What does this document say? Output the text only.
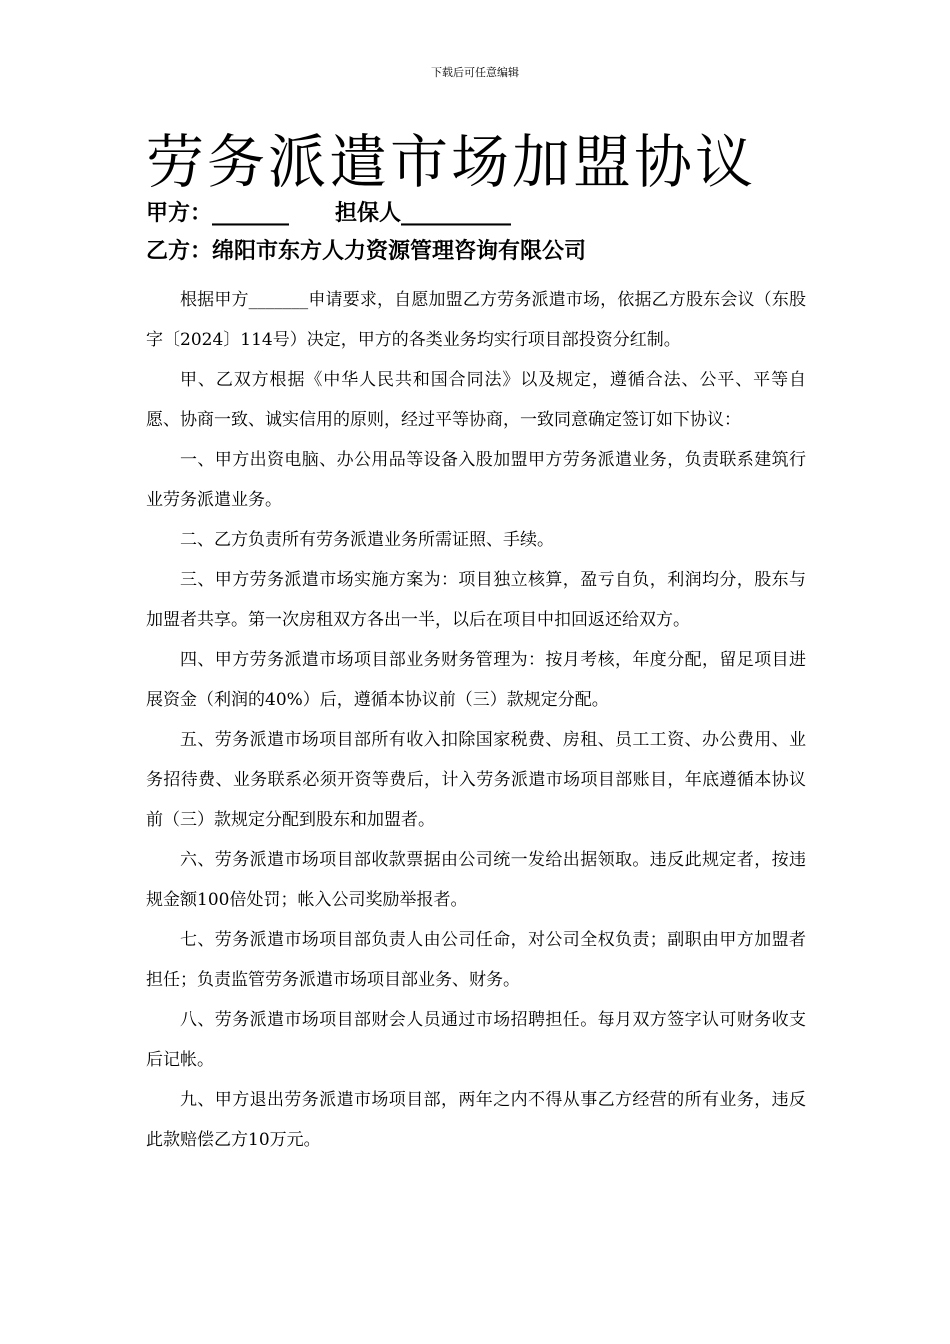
下载后可任意编辑
劳务派遣市场加盟协议
甲方：_______ 担保人__________
乙方：绵阳市东方人力资源管理咨询有限公司

根据甲方_______申请要求，自愿加盟乙方劳务派遣市场，依据乙方股东会议（东股字〔2024〕114号）决定，甲方的各类业务均实行项目部投资分红制。

甲、乙双方根据《中华人民共和国合同法》以及规定，遵循合法、公平、平等自愿、协商一致、诚实信用的原则，经过平等协商，一致同意确定签订如下协议：

一、甲方出资电脑、办公用品等设备入股加盟甲方劳务派遣业务，负责联系建筑行业劳务派遣业务。

二、乙方负责所有劳务派遣业务所需证照、手续。

三、甲方劳务派遣市场实施方案为：项目独立核算，盈亏自负，利润均分，股东与加盟者共享。第一次房租双方各出一半，以后在项目中扣回返还给双方。

四、甲方劳务派遣市场项目部业务财务管理为：按月考核，年度分配，留足项目进展资金（利润的40%）后，遵循本协议前（三）款规定分配。

五、劳务派遣市场项目部所有收入扣除国家税费、房租、员工工资、办公费用、业务招待费、业务联系必须开资等费后，计入劳务派遣市场项目部账目，年底遵循本协议前（三）款规定分配到股东和加盟者。

六、劳务派遣市场项目部收款票据由公司统一发给出据领取。违反此规定者，按违规金额100倍处罚；帐入公司奖励举报者。

七、劳务派遣市场项目部负责人由公司任命，对公司全权负责；副职由甲方加盟者担任；负责监管劳务派遣市场项目部业务、财务。

八、劳务派遣市场项目部财会人员通过市场招聘担任。每月双方签字认可财务收支后记帐。

九、甲方退出劳务派遣市场项目部，两年之内不得从事乙方经营的所有业务，违反此款赔偿乙方10万元。
